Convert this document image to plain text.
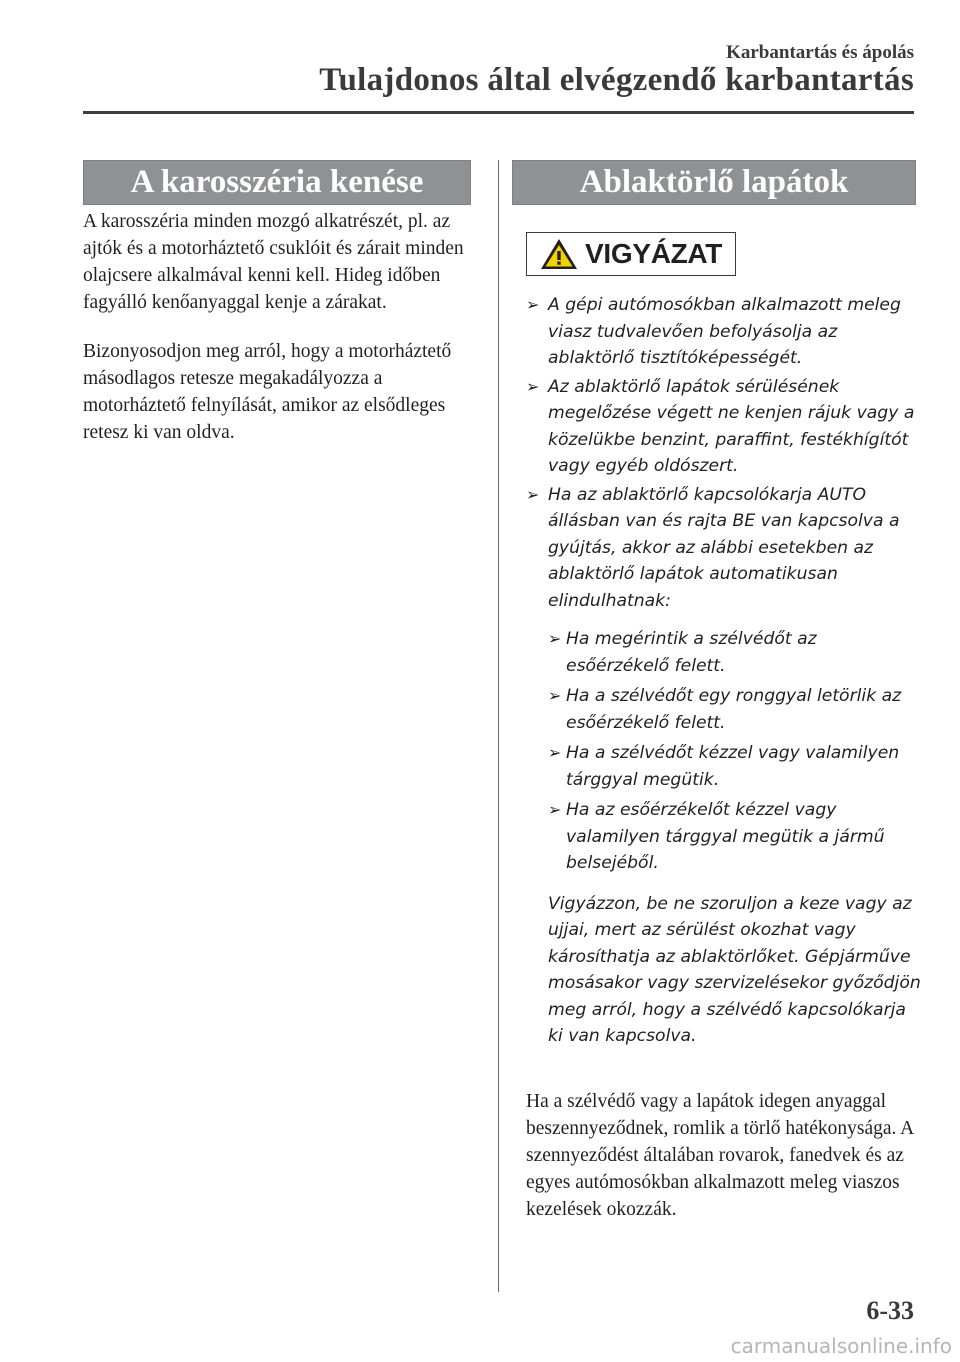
Karbantartás és ápolás
Tulajdonos által elvégzendő karbantartás
A karosszéria kenése

A karosszéria minden mozgó alkatrészét, pl. az ajtók és a motorháztető csuklóit és zárait minden olajcsere alkalmával kenni kell. Hideg időben fagyálló kenőanyaggal kenje a zárakat.

Bizonyosodjon meg arról, hogy a motorháztető másodlagos retesze megakadályozza a motorháztető felnyílását, amikor az elsődleges retesz ki van oldva.

Ablaktörlő lapátok
VIGYÁZAT
➢ A gépi autómosókban alkalmazott meleg viasz tudvalevően befolyásolja az ablaktörlő tisztítóképességét.
➢ Az ablaktörlő lapátok sérülésének megelőzése végett ne kenjen rájuk vagy a közelükbe benzint, paraffint, festékhígítót vagy egyéb oldószert.
➢ Ha az ablaktörlő kapcsolókarja AUTO állásban van és rajta BE van kapcsolva a gyújtás, akkor az alábbi esetekben az ablaktörlő lapátok automatikusan elindulhatnak:
➢ Ha megérintik a szélvédőt az esőérzékelő felett.
➢ Ha a szélvédőt egy ronggyal letörlik az esőérzékelő felett.
➢ Ha a szélvédőt kézzel vagy valamilyen tárggyal megütik.
➢ Ha az esőérzékelőt kézzel vagy valamilyen tárggyal megütik a jármű belsejéből.
Vigyázzon, be ne szoruljon a keze vagy az ujjai, mert az sérülést okozhat vagy károsíthatja az ablaktörlőket. Gépjárműve mosásakor vagy szervizelésekor győződjön meg arról, hogy a szélvédő kapcsolókarja ki van kapcsolva.
Ha a szélvédő vagy a lapátok idegen anyaggal beszennyeződnek, romlik a törlő hatékonysága. A szennyeződést általában rovarok, fanedvek és az egyes autómosókban alkalmazott meleg viaszos kezelések okozzák.
6-33
carmanualsonline.info
